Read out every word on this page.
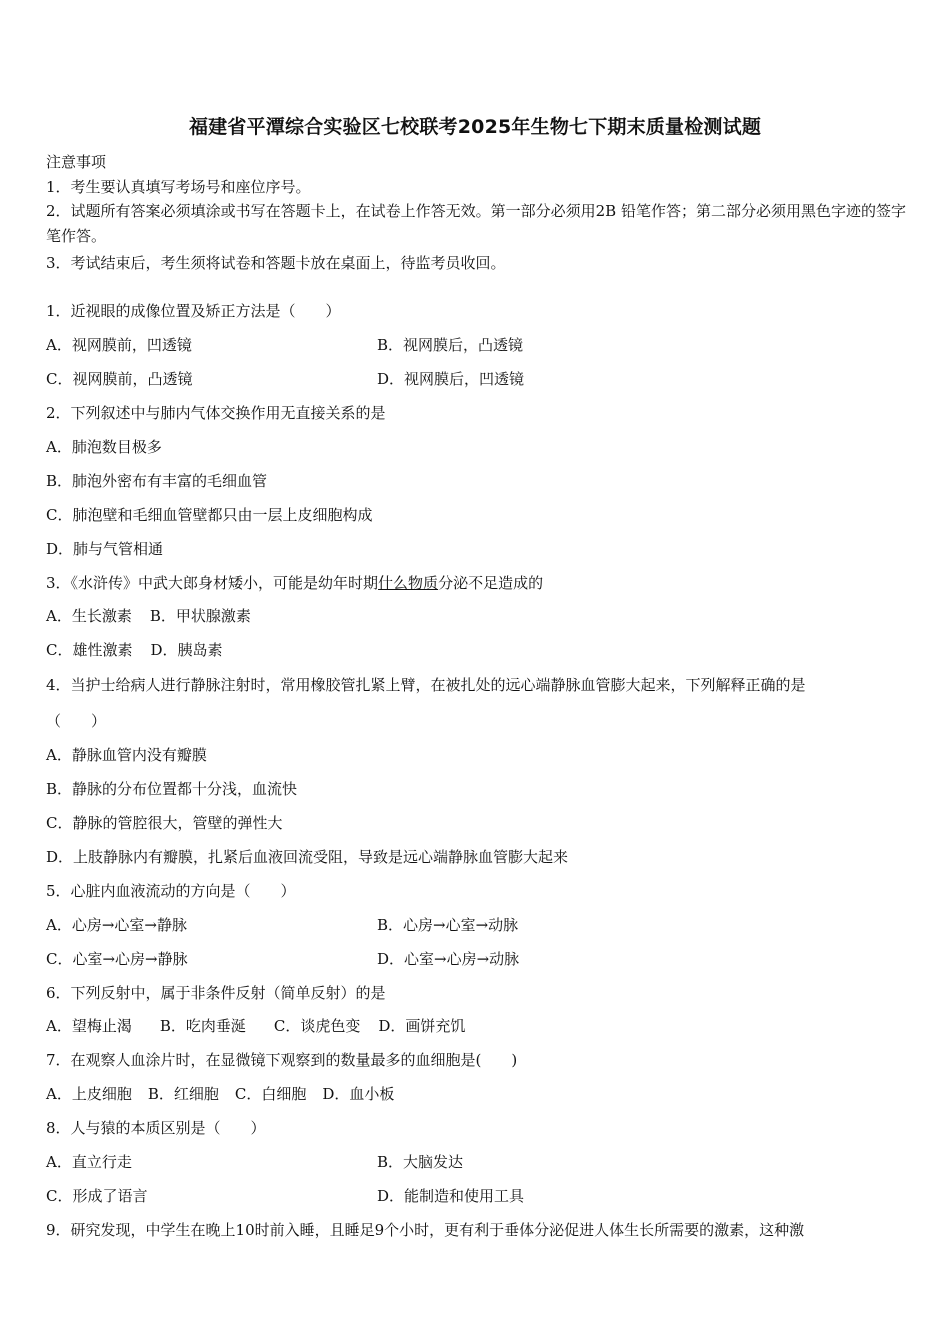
福建省平潭综合实验区七校联考2025年生物七下期末质量检测试题
注意事项
1．考生要认真填写考场号和座位序号。
2．试题所有答案必须填涂或书写在答题卡上，在试卷上作答无效。第一部分必须用2B 铅笔作答；第二部分必须用黑色字迹的签字笔作答。
3．考试结束后，考生须将试卷和答题卡放在桌面上，待监考员收回。
1．近视眼的成像位置及矫正方法是（　　）
A．视网膜前，凹透镜	B．视网膜后，凸透镜
C．视网膜前，凸透镜	D．视网膜后，凹透镜
2．下列叙述中与肺内气体交换作用无直接关系的是
A．肺泡数目极多
B．肺泡外密布有丰富的毛细血管
C．肺泡壁和毛细血管壁都只由一层上皮细胞构成
D．肺与气管相通
3．《水浒传》中武大郎身材矮小，可能是幼年时期什么物质分泌不足造成的
A．生长激素 B．甲状腺激素
C．雄性激素 D．胰岛素
4．当护士给病人进行静脉注射时，常用橡胶管扎紧上臂，在被扎处的远心端静脉血管膨大起来，下列解释正确的是
（　　）
A．静脉血管内没有瓣膜
B．静脉的分布位置都十分浅，血流快
C．静脉的管腔很大，管壁的弹性大
D．上肢静脉内有瓣膜，扎紧后血液回流受阻，导致是远心端静脉血管膨大起来
5．心脏内血液流动的方向是（　　）
A．心房→心室→静脉	B．心房→心室→动脉
C．心室→心房→静脉	D．心室→心房→动脉
6．下列反射中，属于非条件反射（简单反射）的是
A．望梅止渴 B．吃肉垂涎 C．谈虎色变 D．画饼充饥
7．在观察人血涂片时，在显微镜下观察到的数量最多的血细胞是(　　)
A．上皮细胞 B．红细胞 C．白细胞 D．血小板
8．人与猿的本质区别是（　　）
A．直立行走	B．大脑发达
C．形成了语言	D．能制造和使用工具
9．研究发现，中学生在晚上10时前入睡，且睡足9个小时，更有利于垂体分泌促进人体生长所需要的激素，这种激
